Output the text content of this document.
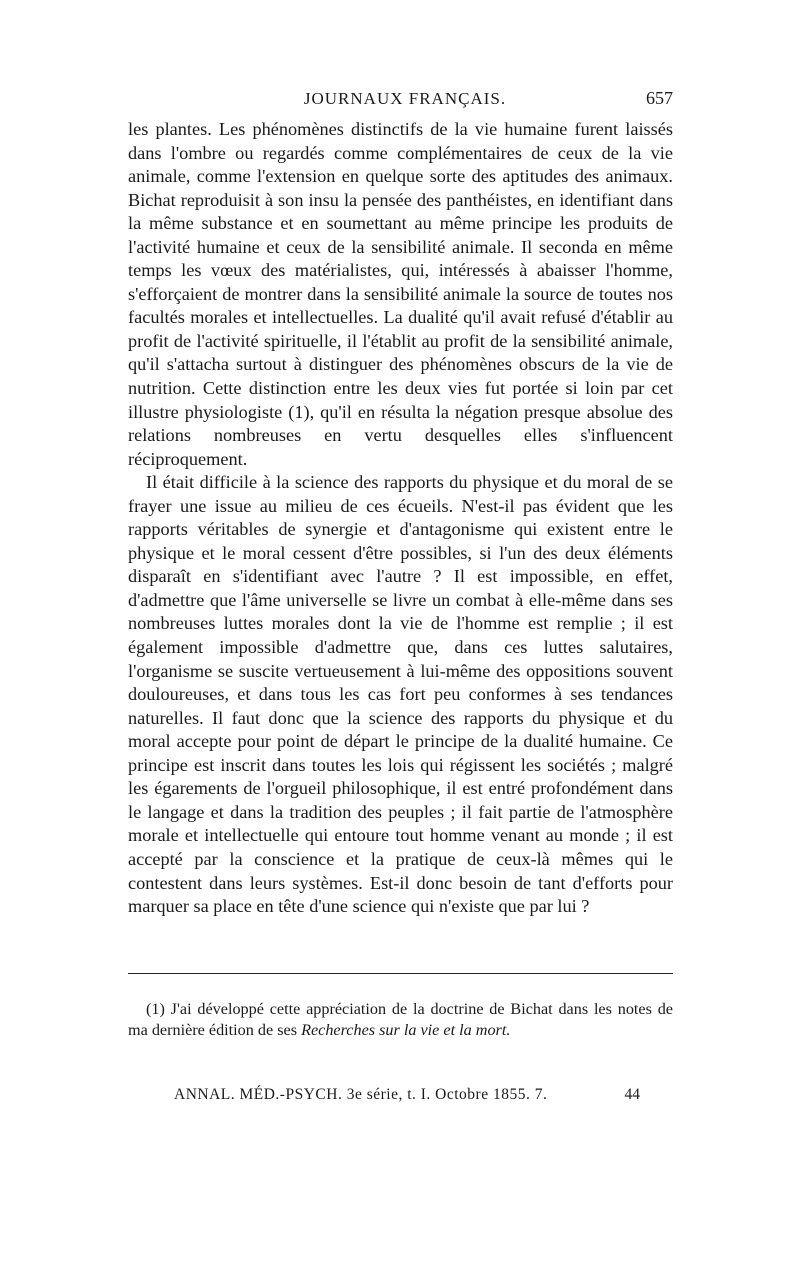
JOURNAUX FRANÇAIS.	657

les plantes. Les phénomènes distinctifs de la vie humaine furent laissés dans l'ombre ou regardés comme complémentaires de ceux de la vie animale, comme l'extension en quelque sorte des aptitudes des animaux. Bichat reproduisit à son insu la pensée des panthéistes, en identifiant dans la même substance et en soumettant au même principe les produits de l'activité humaine et ceux de la sensibilité animale. Il seconda en même temps les vœux des matérialistes, qui, intéressés à abaisser l'homme, s'efforçaient de montrer dans la sensibilité animale la source de toutes nos facultés morales et intellectuelles. La dualité qu'il avait refusé d'établir au profit de l'activité spirituelle, il l'établit au profit de la sensibilité animale, qu'il s'attacha surtout à distinguer des phénomènes obscurs de la vie de nutrition. Cette distinction entre les deux vies fut portée si loin par cet illustre physiologiste (1), qu'il en résulta la négation presque absolue des relations nombreuses en vertu desquelles elles s'influencent réciproquement.

Il était difficile à la science des rapports du physique et du moral de se frayer une issue au milieu de ces écueils. N'est-il pas évident que les rapports véritables de synergie et d'antagonisme qui existent entre le physique et le moral cessent d'être possibles, si l'un des deux éléments disparaît en s'identifiant avec l'autre ? Il est impossible, en effet, d'admettre que l'âme universelle se livre un combat à elle-même dans ses nombreuses luttes morales dont la vie de l'homme est remplie ; il est également impossible d'admettre que, dans ces luttes salutaires, l'organisme se suscite vertueusement à lui-même des oppositions souvent douloureuses, et dans tous les cas fort peu conformes à ses tendances naturelles. Il faut donc que la science des rapports du physique et du moral accepte pour point de départ le principe de la dualité humaine. Ce principe est inscrit dans toutes les lois qui régissent les sociétés ; malgré les égarements de l'orgueil philosophique, il est entré profondément dans le langage et dans la tradition des peuples ; il fait partie de l'atmosphère morale et intellectuelle qui entoure tout homme venant au monde ; il est accepté par la conscience et la pratique de ceux-là mêmes qui le contestent dans leurs systèmes. Est-il donc besoin de tant d'efforts pour marquer sa place en tête d'une science qui n'existe que par lui ?

(1) J'ai développé cette appréciation de la doctrine de Bichat dans les notes de ma dernière édition de ses Recherches sur la vie et la mort.
ANNAL. MÉD.-PSYCH. 3e série, t. I. Octobre 1855. 7.	44
